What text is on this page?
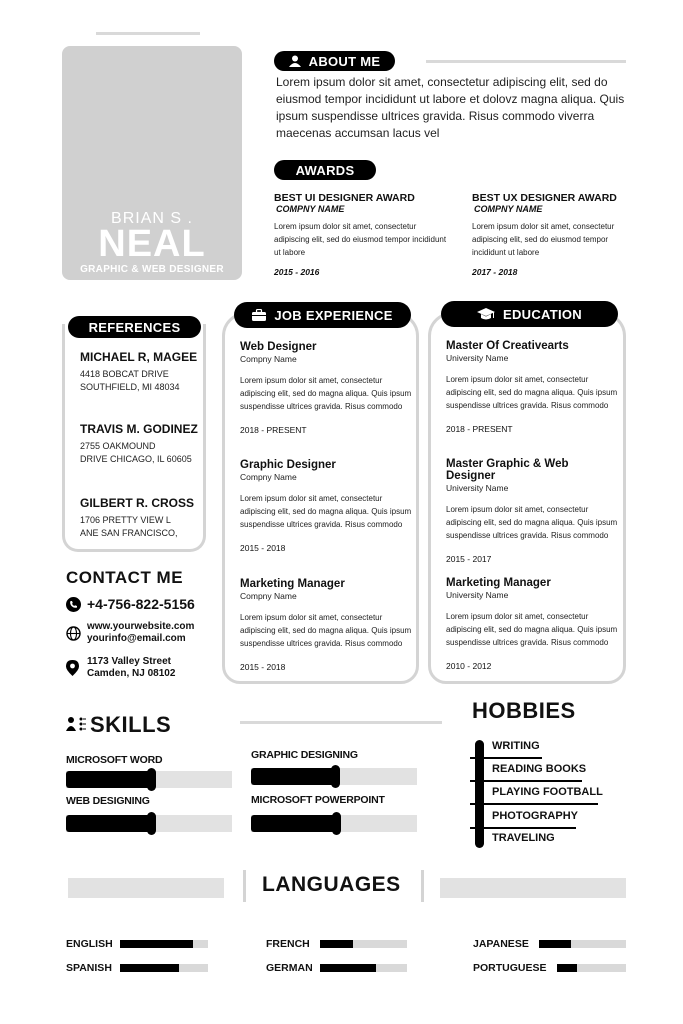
BRIAN S .
NEAL
GRAPHIC & WEB DESIGNER
ABOUT ME
Lorem ipsum dolor sit amet, consectetur adipiscing elit, sed do eiusmod tempor incididunt ut labore et dolovz magna aliqua. Quis ipsum suspendisse ultrices gravida. Risus commodo viverra maecenas accumsan lacus vel
AWARDS
BEST UI DESIGNER AWARD
COMPNY NAME
Lorem ipsum dolor sit amet, consectetur adipiscing elit, sed do eiusmod tempor incididunt ut labore
2015 - 2016
BEST UX DESIGNER AWARD
COMPNY NAME
Lorem ipsum dolor sit amet, consectetur adipiscing elit, sed do eiusmod tempor incididunt ut labore
2017 - 2018
REFERENCES
MICHAEL R, MAGEE
4418 BOBCAT DRIVE
SOUTHFIELD, MI 48034
TRAVIS M. GODINEZ
2755 OAKMOUND
DRIVE CHICAGO, IL 60605
GILBERT R. CROSS
1706 PRETTY VIEW L
ANE SAN FRANCISCO,
JOB EXPERIENCE
Web Designer
Compny Name
Lorem ipsum dolor sit amet, consectetur adipiscing elit, sed do magna aliqua. Quis ipsum suspendisse ultrices gravida. Risus commodo
2018 - PRESENT
Graphic Designer
Compny Name
Lorem ipsum dolor sit amet, consectetur adipiscing elit, sed do magna aliqua. Quis ipsum suspendisse ultrices gravida. Risus commodo
2015 - 2018
Marketing Manager
Compny Name
Lorem ipsum dolor sit amet, consectetur adipiscing elit, sed do magna aliqua. Quis ipsum suspendisse ultrices gravida. Risus commodo
2015 - 2018
EDUCATION
Master Of Creativearts
University Name
Lorem ipsum dolor sit amet, consectetur adipiscing elit, sed do magna aliqua. Quis ipsum suspendisse ultrices gravida. Risus commodo
2018 - PRESENT
Master Graphic & Web Designer
University Name
Lorem ipsum dolor sit amet, consectetur adipiscing elit, sed do magna aliqua. Quis ipsum suspendisse ultrices gravida. Risus commodo
2015 - 2017
Marketing Manager
University Name
Lorem ipsum dolor sit amet, consectetur adipiscing elit, sed do magna aliqua. Quis ipsum suspendisse ultrices gravida. Risus commodo
2010 - 2012
CONTACT ME
+4-756-822-5156
www.yourwebsite.com
yourinfo@email.com
1173 Valley Street
Camden, NJ 08102
SKILLS
MICROSOFT WORD
WEB DESIGNING
GRAPHIC DESIGNING
MICROSOFT POWERPOINT
HOBBIES
WRITING
READING BOOKS
PLAYING FOOTBALL
PHOTOGRAPHY
TRAVELING
LANGUAGES
ENGLISH
SPANISH
FRENCH
GERMAN
JAPANESE
PORTUGUESE
